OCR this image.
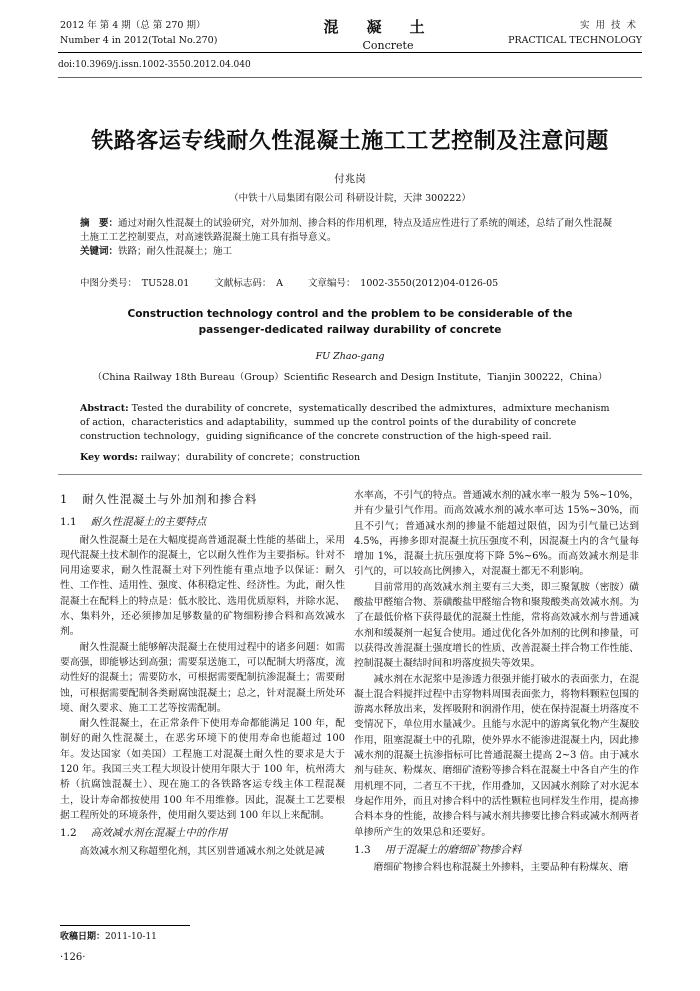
2012 年 第 4 期（总 第 270 期）
Number 4 in 2012(Total No.270)
混凝土
Concrete
实用技术
PRACTICAL TECHNOLOGY
doi:10.3969/j.issn.1002-3550.2012.04.040
铁路客运专线耐久性混凝土施工工艺控制及注意问题
付兆岗
（中铁十八局集团有限公司 科研设计院，天津 300222）
摘　要：通过对耐久性混凝土的试验研究，对外加剂、掺合料的作用机理，特点及适应性进行了系统的阐述，总结了耐久性混凝土施工工艺控制要点，对高速铁路混凝土施工具有指导意义。
关键词：铁路；耐久性混凝土；施工
中图分类号：　TU528.01	文献标志码：　A	文章编号：　1002-3550(2012)04-0126-05
Construction technology control and the problem to be considerable of the
passenger-dedicated railway durability of concrete
FU Zhao-gang
（China Railway 18th Bureau（Group）Scientific Research and Design Institute，Tianjin 300222，China）
Abstract: Tested the durability of concrete，systematically described the admixtures，admixture mechanism of action，characteristics and adaptability，summed up the control points of the durability of concrete construction technology，guiding significance of the concrete construction of the high-speed rail.
Key words: railway；durability of concrete；construction
1 耐久性混凝土与外加剂和掺合料
1.1 耐久性混凝土的主要特点

耐久性混凝土是在大幅度提高普通混凝土性能的基础上，采用现代混凝土技术制作的混凝土，它以耐久性作为主要指标。针对不同用途要求，耐久性混凝土对下列性能有重点地予以保证：耐久性、工作性、适用性、强度、体积稳定性、经济性。为此，耐久性混凝土在配料上的特点是：低水胶比、选用优质原料，并除水泥、水、集料外，还必须掺加足够数量的矿物细粉掺合料和高效减水剂。

耐久性混凝土能够解决混凝土在使用过程中的诸多问题：如需要高强，即能够达到高强；需要泵送施工，可以配制大坍落度，流动性好的混凝土；需要防水，可根据需要配制抗渗混凝土；需要耐蚀，可根据需要配制各类耐腐蚀混凝土；总之，针对混凝土所处环境、耐久要求、施工工艺等按需配制。

耐久性混凝土，在正常条件下使用寿命都能满足 100 年，配制好的耐久性混凝土，在恶劣环境下的使用寿命也能超过 100 年。发达国家（如美国）工程施工对混凝土耐久性的要求是大于 120 年。我国三夹工程大坝设计使用年限大于 100 年，杭州湾大桥（抗腐蚀混凝土）、现在施工的各铁路客运专线主体工程混凝土，设计寿命都按使用 100 年不用维修。因此，混凝土工艺要根据工程所处的环境条件，使用耐久要达到 100 年以上来配制。

1.2 高效减水剂在混凝土中的作用

高效减水剂又称超塑化剂，其区别普通减水剂之处就是减

水率高，不引气的特点。普通减水剂的减水率一般为 5%~10%，并有少量引气作用。而高效减水剂的减水率可达 15%~30%，而且不引气；普通减水剂的掺量不能超过限值，因为引气量已达到 4.5%，再掺多即对混凝土抗压强度不利，因混凝土内的含气量每增加 1%，混凝土抗压强度将下降 5%~6%。而高效减水剂是非引气的，可以较高比例掺入，对混凝土都无不利影响。

目前常用的高效减水剂主要有三大类，即三聚氰胺（密胺）磺酸盐甲醛缩合物、萘磺酸盐甲醛缩合物和聚羧酸类高效减水剂。为了在最低价格下获得最优的混凝土性能，常将高效减水剂与普通减水剂和缓凝剂一起复合使用。通过优化各外加剂的比例和掺量，可以获得改善混凝土强度增长的性质、改善混凝土拌合物工作性能、控制混凝土凝结时间和坍落度损失等效果。

减水剂在水泥浆中是渗透力很强并能打破水的表面张力，在混凝土混合料搅拌过程中击穿物料周围表面张力，将物料颗粒包围的游离水释放出来，发挥吸附和润滑作用，使在保持混凝土坍落度不变情况下，单位用水量减少。且能与水泥中的游离氧化物产生凝胶作用，阻塞混凝土中的孔隙，使外界水不能渗进混凝土内，因此掺减水剂的混凝土抗渗指标可比普通混凝土提高 2~3 倍。由于减水剂与硅灰、粉煤灰、磨细矿渣粉等掺合料在混凝土中各自产生的作用机理不同，二者互不干扰，作用叠加，又因减水剂除了对水泥本身起作用外，而且对掺合料中的活性颗粒也同样发生作用，提高掺合料本身的性能，故掺合料与减水剂共掺要比掺合料或减水剂两者单掺所产生的效果总和还要好。

1.3 用于混凝土的磨细矿物掺合料

磨细矿物掺合料也称混凝土外掺料，主要品种有粉煤灰、磨

收稿日期：2011-10-11
·126·
